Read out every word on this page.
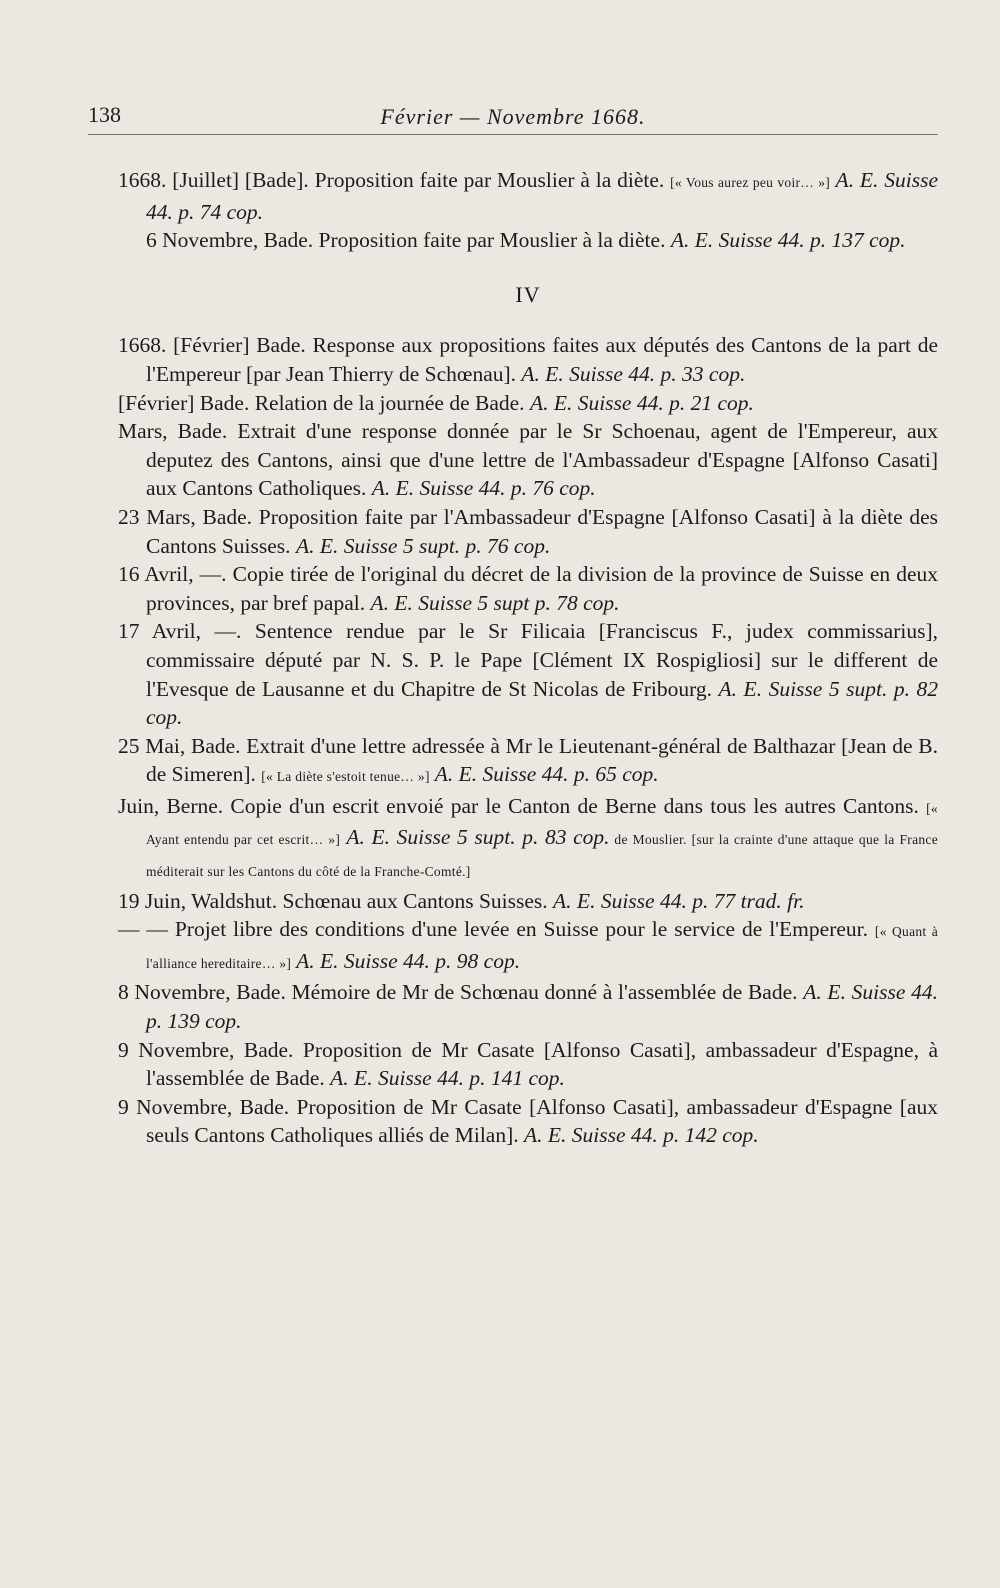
138	Février — Novembre 1668.

1668. [Juillet] [Bade]. Proposition faite par Mouslier à la diète. [« Vous aurez peu voir… »] A. E. Suisse 44. p. 74 cop.

6 Novembre, Bade. Proposition faite par Mouslier à la diète. A. E. Suisse 44. p. 137 cop.

IV

1668. [Février] Bade. Response aux propositions faites aux députés des Cantons de la part de l'Empereur [par Jean Thierry de Schœnau]. A. E. Suisse 44. p. 33 cop.

[Février] Bade. Relation de la journée de Bade. A. E. Suisse 44. p. 21 cop.

Mars, Bade. Extrait d'une response donnée par le Sr Schoenau, agent de l'Empereur, aux deputez des Cantons, ainsi que d'une lettre de l'Ambassadeur d'Espagne [Alfonso Casati] aux Cantons Catholiques. A. E. Suisse 44. p. 76 cop.

23 Mars, Bade. Proposition faite par l'Ambassadeur d'Espagne [Alfonso Casati] à la diète des Cantons Suisses. A. E. Suisse 5 supt. p. 76 cop.

16 Avril, —. Copie tirée de l'original du décret de la division de la province de Suisse en deux provinces, par bref papal. A. E. Suisse 5 supt p. 78 cop.

17 Avril, —. Sentence rendue par le Sr Filicaia [Franciscus F., judex commissarius], commissaire député par N. S. P. le Pape [Clément IX Rospigliosi] sur le different de l'Evesque de Lausanne et du Chapitre de St Nicolas de Fribourg. A. E. Suisse 5 supt. p. 82 cop.

25 Mai, Bade. Extrait d'une lettre adressée à Mr le Lieutenant-général de Balthazar [Jean de B. de Simeren]. [« La diète s'estoit tenue… »] A. E. Suisse 44. p. 65 cop.

Juin, Berne. Copie d'un escrit envoié par le Canton de Berne dans tous les autres Cantons. [« Ayant entendu par cet escrit… »] A. E. Suisse 5 supt. p. 83 cop. de Mouslier. [sur la crainte d'une attaque que la France méditerait sur les Cantons du côté de la Franche-Comté.]

19 Juin, Waldshut. Schœnau aux Cantons Suisses. A. E. Suisse 44. p. 77 trad. fr.

— — Projet libre des conditions d'une levée en Suisse pour le service de l'Empereur. [« Quant à l'alliance hereditaire… »] A. E. Suisse 44. p. 98 cop.

8 Novembre, Bade. Mémoire de Mr de Schœnau donné à l'assemblée de Bade. A. E. Suisse 44. p. 139 cop.

9 Novembre, Bade. Proposition de Mr Casate [Alfonso Casati], ambassadeur d'Espagne, à l'assemblée de Bade. A. E. Suisse 44. p. 141 cop.

9 Novembre, Bade. Proposition de Mr Casate [Alfonso Casati], ambassadeur d'Espagne [aux seuls Cantons Catholiques alliés de Milan]. A. E. Suisse 44. p. 142 cop.
